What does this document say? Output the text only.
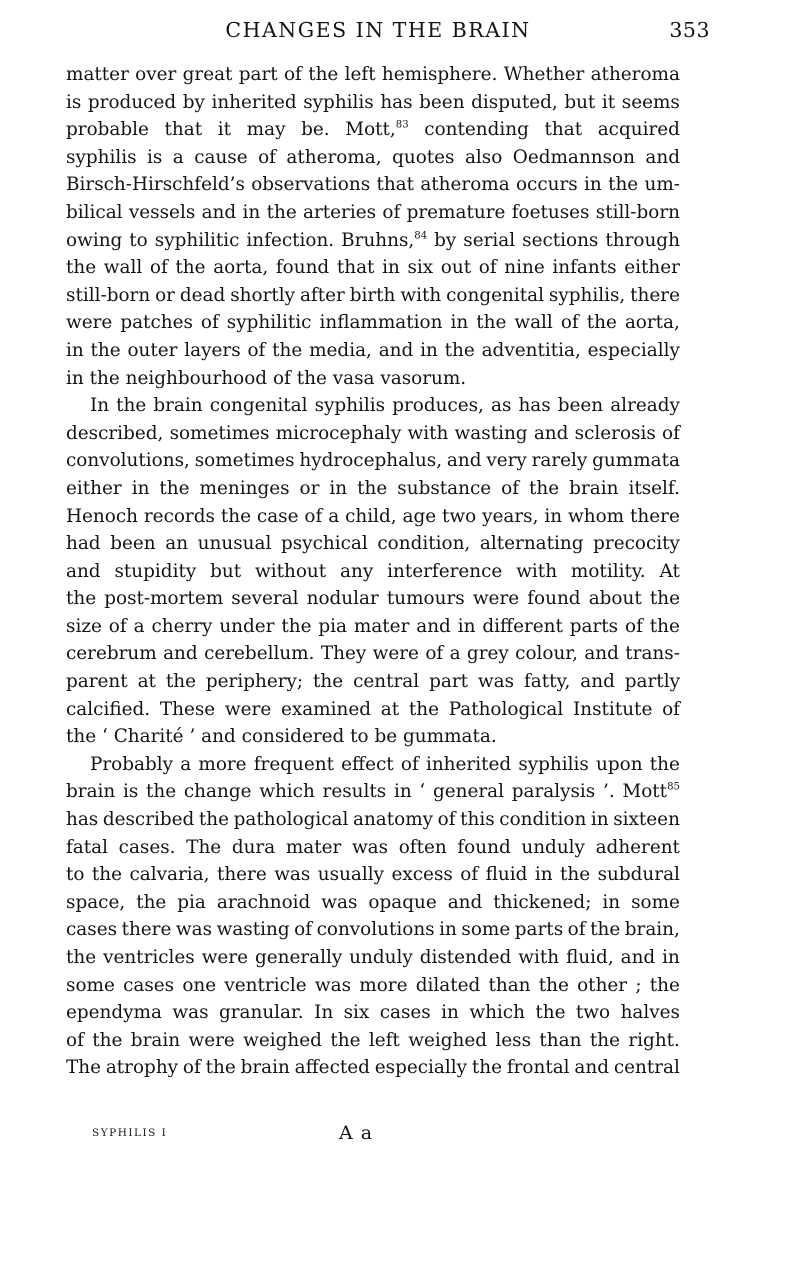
CHANGES IN THE BRAIN	353
matter over great part of the left hemisphere. Whether atheroma
is produced by inherited syphilis has been disputed, but it seems
probable that it may be. Mott,$^{83}$ contending that acquired
syphilis is a cause of atheroma, quotes also Oedmannson and
Birsch-Hirschfeld’s observations that atheroma occurs in the um-
bilical vessels and in the arteries of premature foetuses still-born
owing to syphilitic infection. Bruhns,$^{84}$ by serial sections through
the wall of the aorta, found that in six out of nine infants either
still-born or dead shortly after birth with congenital syphilis, there
were patches of syphilitic inflammation in the wall of the aorta,
in the outer layers of the media, and in the adventitia, especially
in the neighbourhood of the vasa vasorum.
In the brain congenital syphilis produces, as has been already
described, sometimes microcephaly with wasting and sclerosis of
convolutions, sometimes hydrocephalus, and very rarely gummata
either in the meninges or in the substance of the brain itself.
Henoch records the case of a child, age two years, in whom there
had been an unusual psychical condition, alternating precocity
and stupidity but without any interference with motility. At
the post-mortem several nodular tumours were found about the
size of a cherry under the pia mater and in different parts of the
cerebrum and cerebellum. They were of a grey colour, and trans-
parent at the periphery; the central part was fatty, and partly
calcified. These were examined at the Pathological Institute of
the ‘ Charité ’ and considered to be gummata.
Probably a more frequent effect of inherited syphilis upon the
brain is the change which results in ‘ general paralysis ’. Mott$^{85}$
has described the pathological anatomy of this condition in sixteen
fatal cases. The dura mater was often found unduly adherent
to the calvaria, there was usually excess of fluid in the subdural
space, the pia arachnoid was opaque and thickened; in some
cases there was wasting of convolutions in some parts of the brain,
the ventricles were generally unduly distended with fluid, and in
some cases one ventricle was more dilated than the other ; the
ependyma was granular. In six cases in which the two halves
of the brain were weighed the left weighed less than the right.
The atrophy of the brain affected especially the frontal and central
SYPHILIS I	A a
